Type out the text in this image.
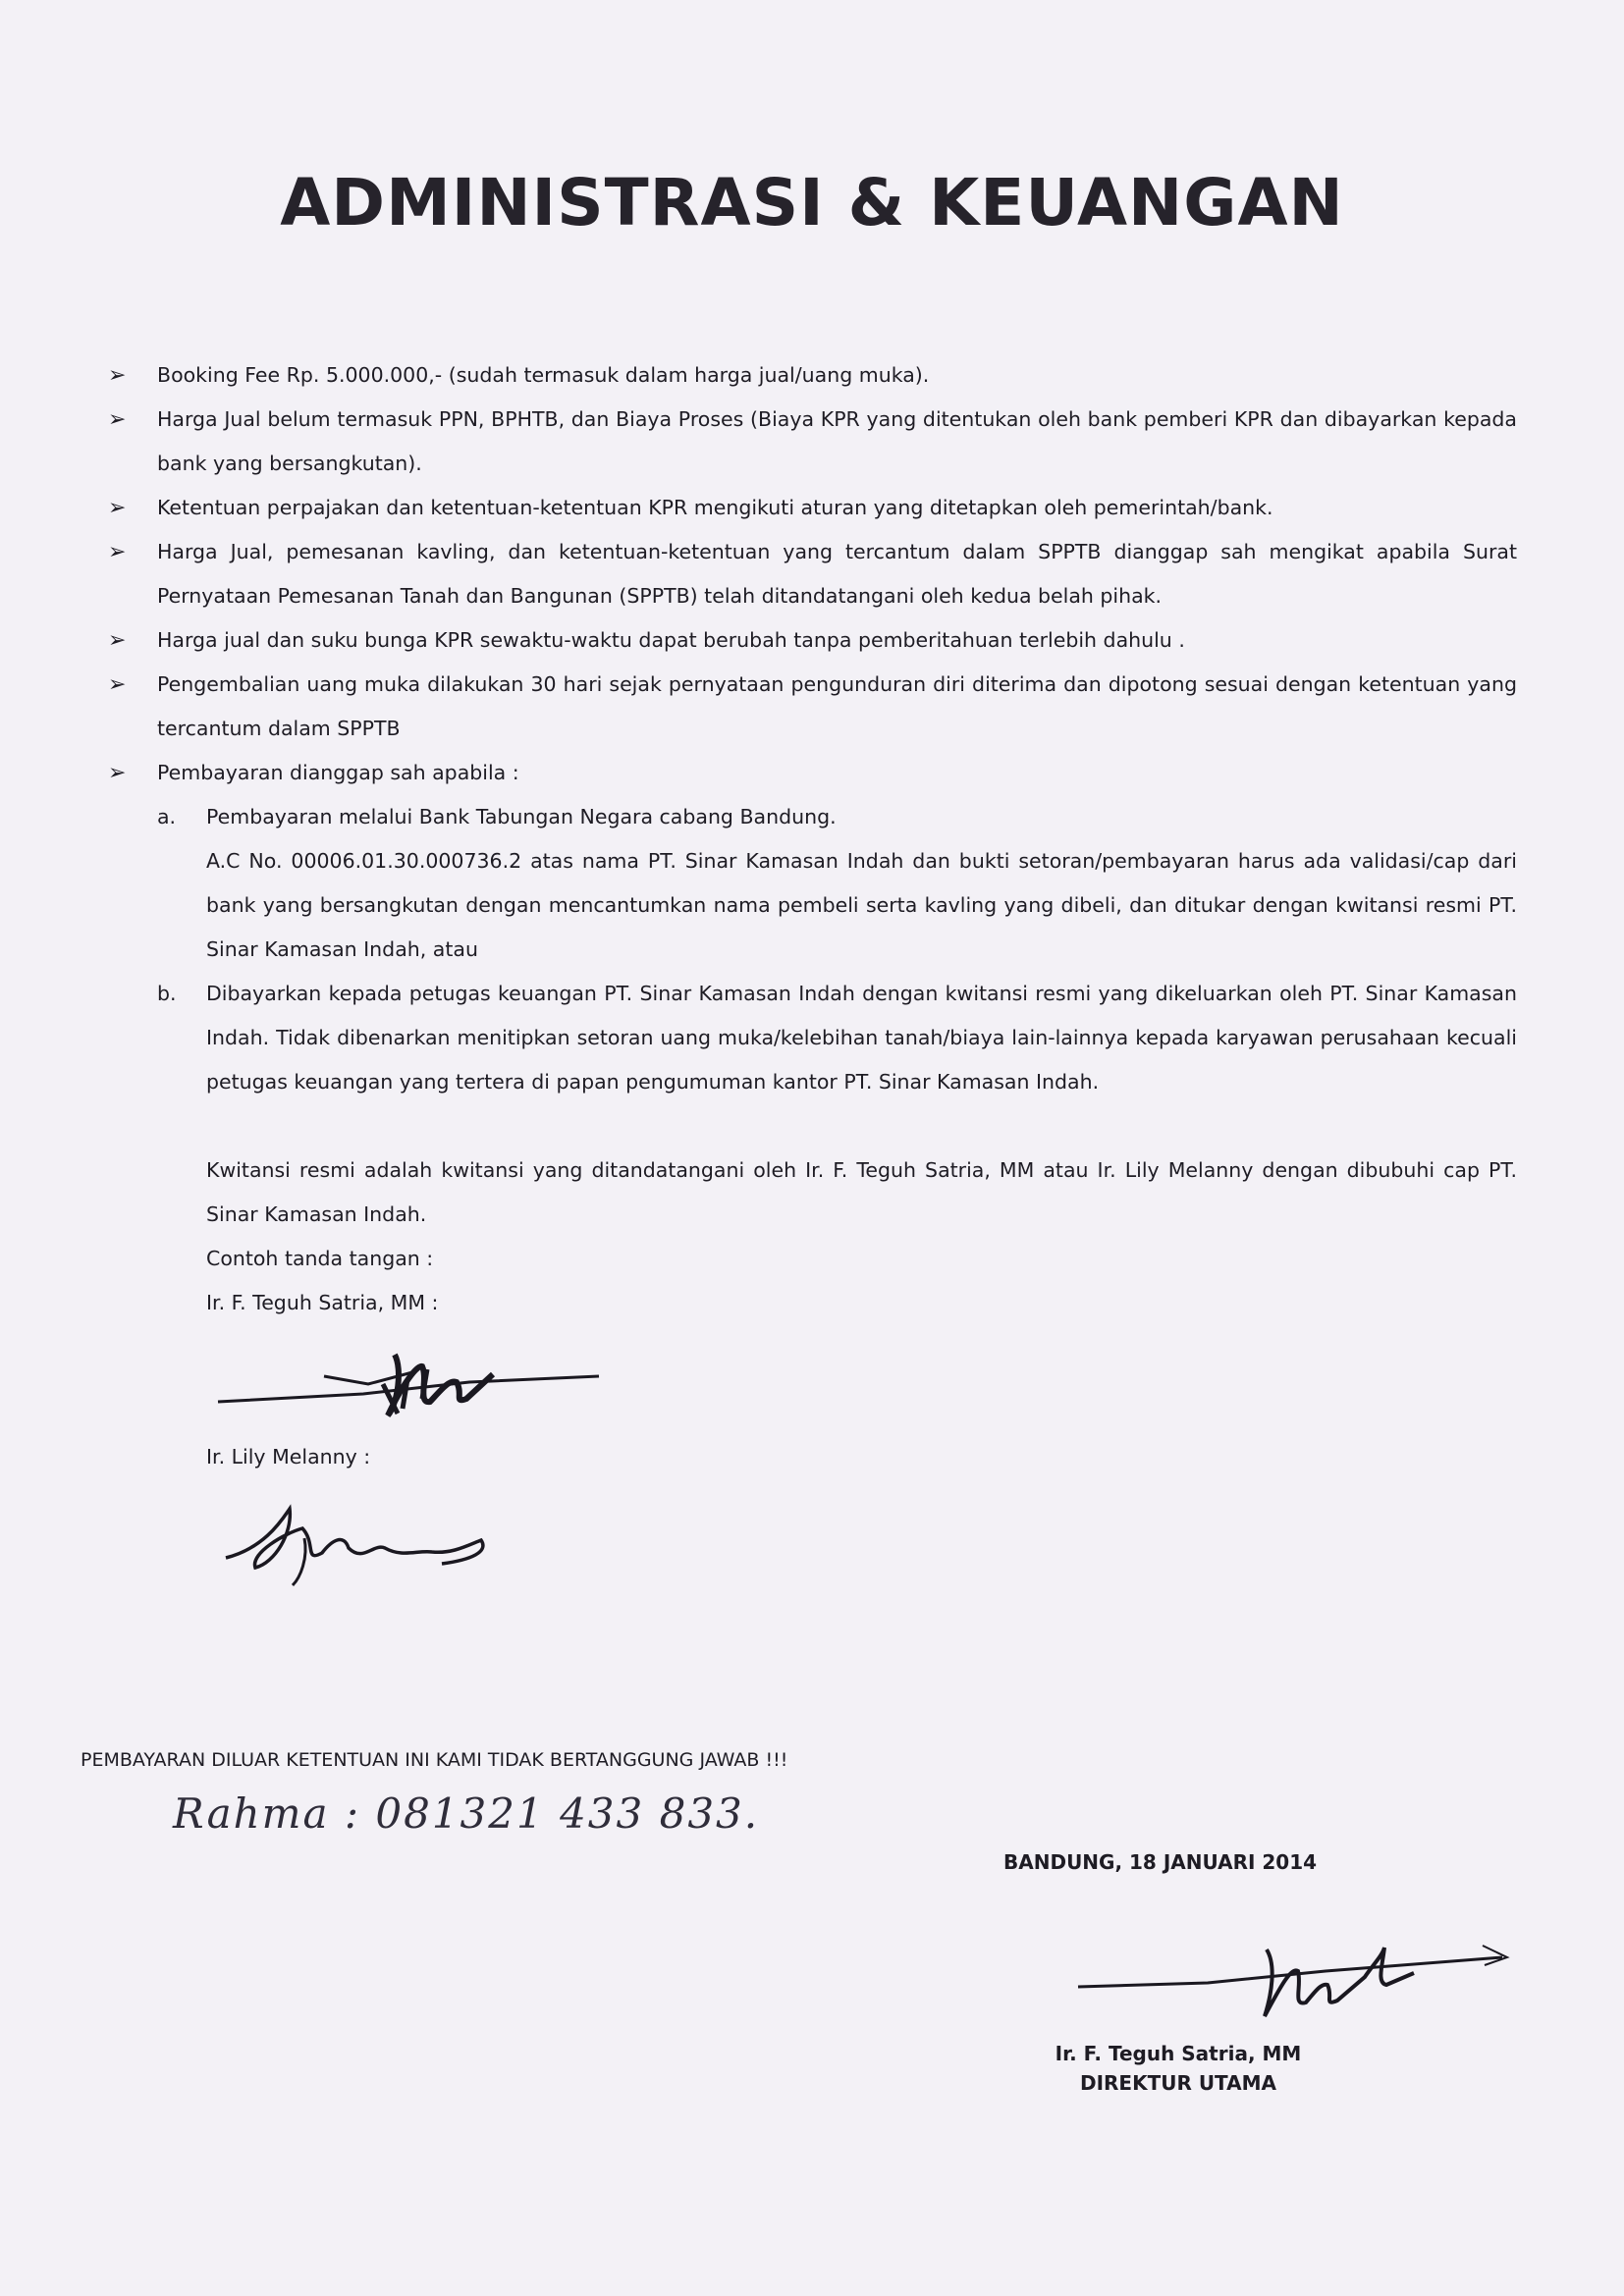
ADMINISTRASI & KEUANGAN
➢	Booking Fee Rp. 5.000.000,- (sudah termasuk dalam harga jual/uang muka).
➢	Harga Jual belum termasuk PPN, BPHTB, dan Biaya Proses (Biaya KPR yang ditentukan oleh bank pemberi KPR dan dibayarkan kepada bank yang bersangkutan).
➢	Ketentuan perpajakan dan ketentuan-ketentuan KPR mengikuti aturan yang ditetapkan oleh pemerintah/bank.
➢	Harga Jual, pemesanan kavling, dan ketentuan-ketentuan yang tercantum dalam SPPTB dianggap sah mengikat apabila Surat Pernyataan Pemesanan Tanah dan Bangunan (SPPTB) telah ditandatangani oleh kedua belah pihak.
➢	Harga jual dan suku bunga KPR sewaktu-waktu dapat berubah tanpa pemberitahuan terlebih dahulu .
➢	Pengembalian uang muka dilakukan 30 hari sejak pernyataan pengunduran diri diterima dan dipotong sesuai dengan ketentuan yang tercantum dalam SPPTB
➢	Pembayaran dianggap sah apabila :
a.	Pembayaran melalui Bank Tabungan Negara cabang Bandung.
A.C No. 00006.01.30.000736.2 atas nama PT. Sinar Kamasan Indah dan bukti setoran/pembayaran harus ada validasi/cap dari bank yang bersangkutan dengan mencantumkan nama pembeli serta kavling yang dibeli, dan ditukar dengan kwitansi resmi PT. Sinar Kamasan Indah, atau
b.	Dibayarkan kepada petugas keuangan PT. Sinar Kamasan Indah dengan kwitansi resmi yang dikeluarkan oleh PT. Sinar Kamasan Indah. Tidak dibenarkan menitipkan setoran uang muka/kelebihan tanah/biaya lain-lainnya kepada karyawan perusahaan kecuali petugas keuangan yang tertera di papan pengumuman kantor PT. Sinar Kamasan Indah.
Kwitansi resmi adalah kwitansi yang ditandatangani oleh Ir. F. Teguh Satria, MM atau Ir. Lily Melanny dengan dibubuhi cap PT. Sinar Kamasan Indah.
Contoh tanda tangan :
Ir. F. Teguh Satria, MM :
Ir. Lily Melanny :
PEMBAYARAN DILUAR KETENTUAN INI KAMI TIDAK BERTANGGUNG JAWAB !!!
Rahma : 081321 433 833.
BANDUNG, 18 JANUARI 2014
Ir. F. Teguh Satria, MM
DIREKTUR UTAMA
